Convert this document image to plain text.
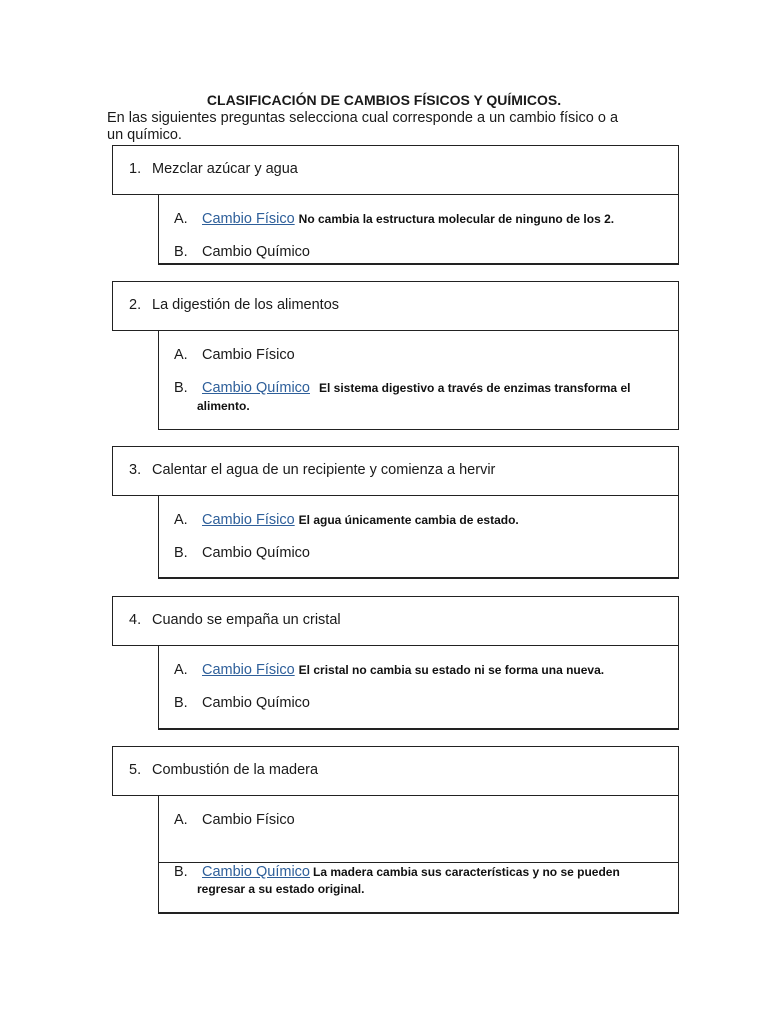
CLASIFICACIÓN DE CAMBIOS FÍSICOS Y QUÍMICOS.

En las siguientes preguntas selecciona cual corresponde a un cambio físico o a
un químico.

1. Mezclar azúcar y agua
A. Cambio Físico No cambia la estructura molecular de ninguno de los 2.
B. Cambio Químico
2. La digestión de los alimentos
A. Cambio Físico
B. Cambio Químico El sistema digestivo a través de enzimas transforma el
alimento.
3. Calentar el agua de un recipiente y comienza a hervir
A. Cambio Físico El agua únicamente cambia de estado.
B. Cambio Químico
4. Cuando se empaña un cristal
A. Cambio Físico El cristal no cambia su estado ni se forma una nueva.
B. Cambio Químico
5. Combustión de la madera
A. Cambio Físico
B. Cambio Químico La madera cambia sus características y no se pueden
regresar a su estado original.
